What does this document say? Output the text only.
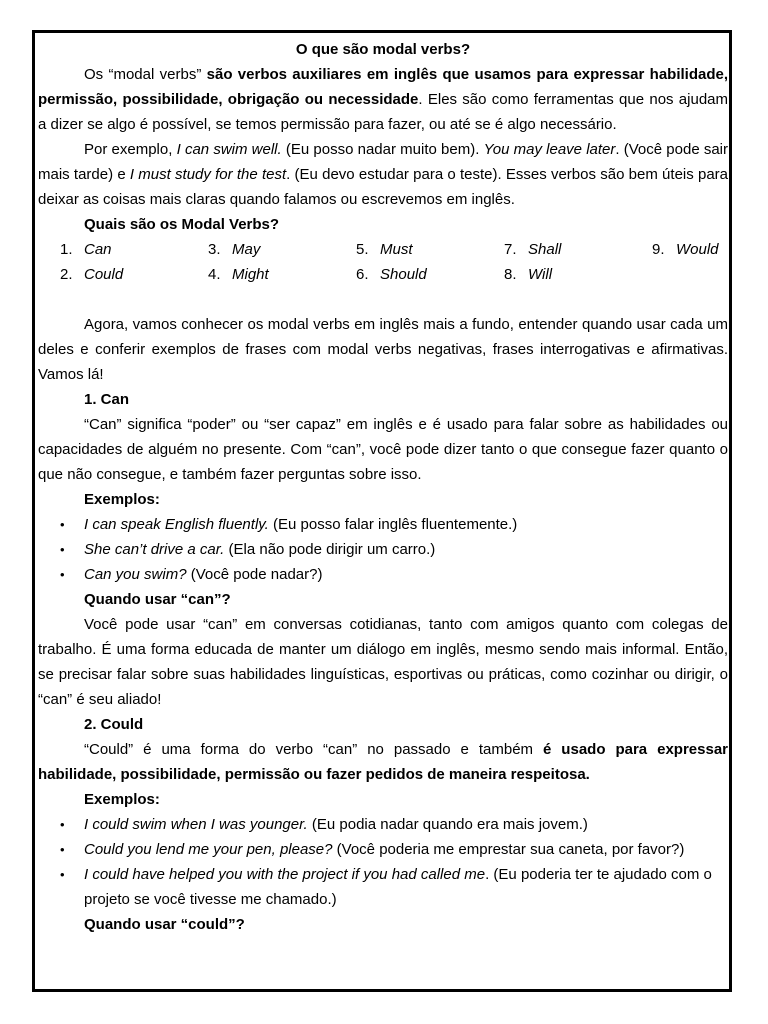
O que são modal verbs?

Os “modal verbs” são verbos auxiliares em inglês que usamos para expressar habilidade, permissão, possibilidade, obrigação ou necessidade. Eles são como ferramentas que nos ajudam a dizer se algo é possível, se temos permissão para fazer, ou até se é algo necessário.

Por exemplo, I can swim well. (Eu posso nadar muito bem). You may leave later. (Você pode sair mais tarde) e I must study for the test. (Eu devo estudar para o teste). Esses verbos são bem úteis para deixar as coisas mais claras quando falamos ou escrevemos em inglês.

Quais são os Modal Verbs?
1. Can	3. May	5. Must	7. Shall	9. Would
2. Could	4. Might	6. Should	8. Will

Agora, vamos conhecer os modal verbs em inglês mais a fundo, entender quando usar cada um deles e conferir exemplos de frases com modal verbs negativas, frases interrogativas e afirmativas. Vamos lá!

1. Can

“Can” significa “poder” ou “ser capaz” em inglês e é usado para falar sobre as habilidades ou capacidades de alguém no presente. Com “can”, você pode dizer tanto o que consegue fazer quanto o que não consegue, e também fazer perguntas sobre isso.

Exemplos:
• I can speak English fluently. (Eu posso falar inglês fluentemente.)
• She can’t drive a car. (Ela não pode dirigir um carro.)
• Can you swim? (Você pode nadar?)
Quando usar “can”?

Você pode usar “can” em conversas cotidianas, tanto com amigos quanto com colegas de trabalho. É uma forma educada de manter um diálogo em inglês, mesmo sendo mais informal. Então, se precisar falar sobre suas habilidades linguísticas, esportivas ou práticas, como cozinhar ou dirigir, o “can” é seu aliado!

2. Could

“Could” é uma forma do verbo “can” no passado e também é usado para expressar habilidade, possibilidade, permissão ou fazer pedidos de maneira respeitosa.

Exemplos:
• I could swim when I was younger. (Eu podia nadar quando era mais jovem.)
• Could you lend me your pen, please? (Você poderia me emprestar sua caneta, por favor?)
• I could have helped you with the project if you had called me. (Eu poderia ter te ajudado com o projeto se você tivesse me chamado.)
Quando usar “could”?
